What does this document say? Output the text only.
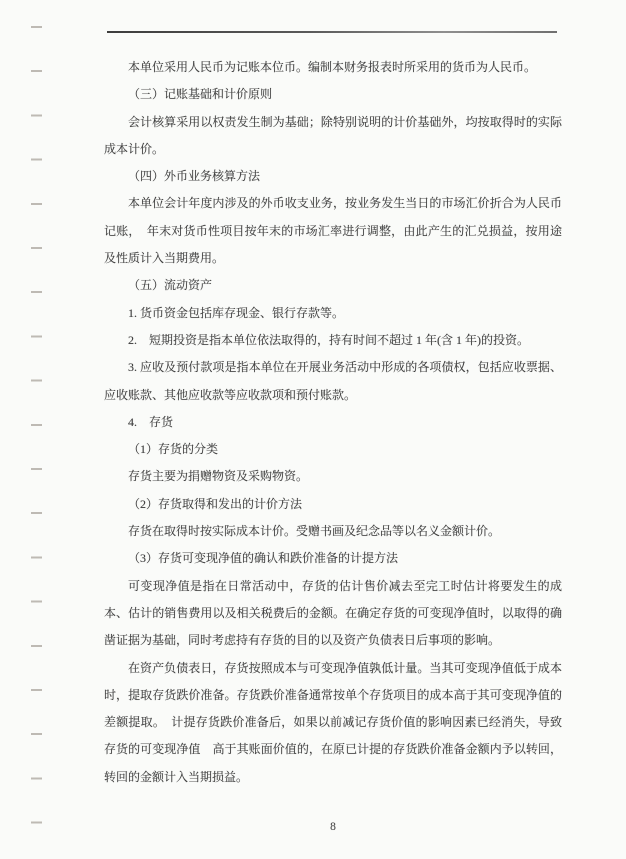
本单位采用人民币为记账本位币。编制本财务报表时所采用的货币为人民币。

（三）记账基础和计价原则

会计核算采用以权责发生制为基础；除特别说明的计价基础外，均按取得时的实际成本计价。

（四）外币业务核算方法

本单位会计年度内涉及的外币收支业务，按业务发生当日的市场汇价折合为人民币记账，　年末对货币性项目按年末的市场汇率进行调整，由此产生的汇兑损益，按用途及性质计入当期费用。

（五）流动资产

1. 货币资金包括库存现金、银行存款等。

2.　短期投资是指本单位依法取得的，持有时间不超过 1 年(含 1 年)的投资。

3. 应收及预付款项是指本单位在开展业务活动中形成的各项债权，包括应收票据、应收账款、其他应收款等应收款项和预付账款。

4.　存货

（1）存货的分类

存货主要为捐赠物资及采购物资。

（2）存货取得和发出的计价方法

存货在取得时按实际成本计价。受赠书画及纪念品等以名义金额计价。

（3）存货可变现净值的确认和跌价准备的计提方法

可变现净值是指在日常活动中，存货的估计售价减去至完工时估计将要发生的成本、估计的销售费用以及相关税费后的金额。在确定存货的可变现净值时，以取得的确凿证据为基础，同时考虑持有存货的目的以及资产负债表日后事项的影响。

在资产负债表日，存货按照成本与可变现净值孰低计量。当其可变现净值低于成本时，提取存货跌价准备。存货跌价准备通常按单个存货项目的成本高于其可变现净值的差额提取。　计提存货跌价准备后，如果以前减记存货价值的影响因素已经消失，导致存货的可变现净值　高于其账面价值的，在原已计提的存货跌价准备金额内予以转回，转回的金额计入当期损益。

8
